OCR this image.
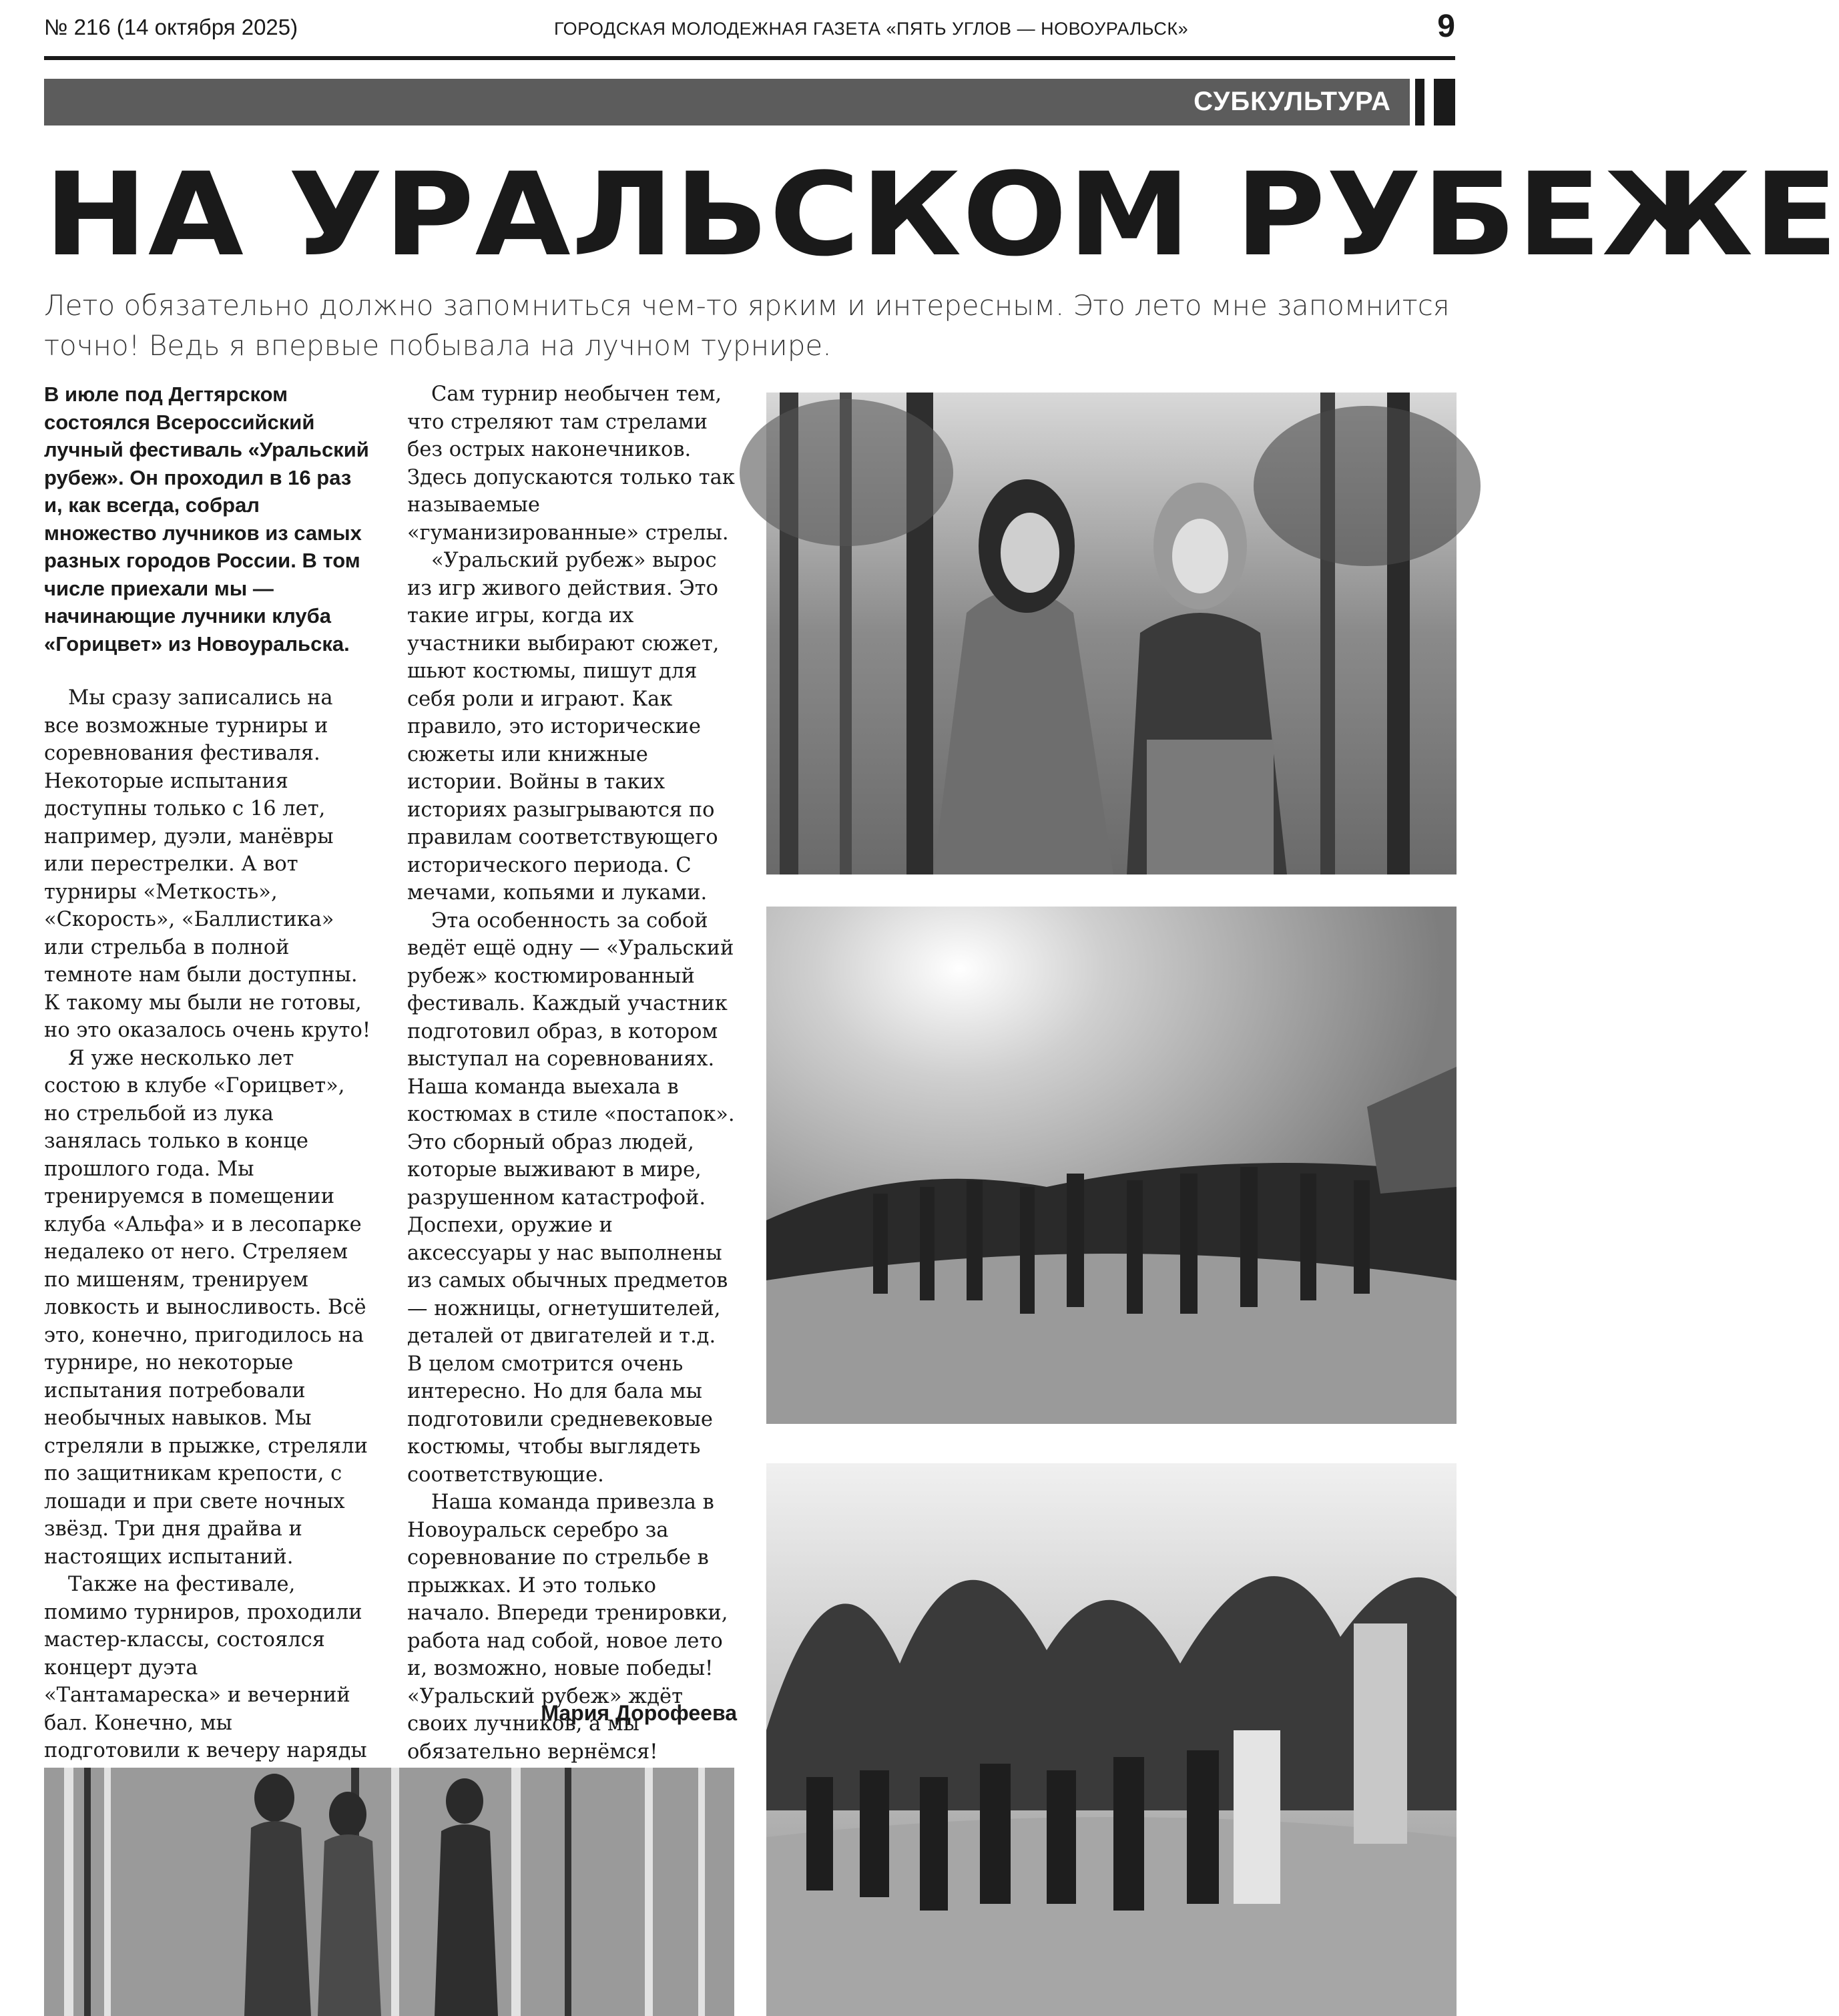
№ 216 (14 октября 2025)	ГОРОДСКАЯ МОЛОДЕЖНАЯ ГАЗЕТА «ПЯТЬ УГЛОВ — НОВОУРАЛЬСК»	9
СУБКУЛЬТУРА
НА УРАЛЬСКОМ РУБЕЖЕ
Лето обязательно должно запомниться чем-то ярким и интересным. Это лето мне запомнится точно! Ведь я впервые побывала на лучном турнире.

В июле под Дегтярском состоялся Всероссийский лучный фестиваль «Уральский рубеж». Он проходил в 16 раз и, как всегда, собрал множество лучников из самых разных городов России. В том числе приехали мы — начинающие лучники клуба «Горицвет» из Новоуральска.

Мы сразу записались на все возможные турниры и соревнования фестиваля. Некоторые испытания доступны только с 16 лет, например, дуэли, манёвры или перестрелки. А вот турниры «Меткость», «Скорость», «Баллистика» или стрельба в полной темноте нам были доступны. К такому мы были не готовы, но это оказалось очень круто!

Я уже несколько лет состою в клубе «Горицвет», но стрельбой из лука занялась только в конце прошлого года. Мы тренируемся в помещении клуба «Альфа» и в лесопарке недалеко от него. Стреляем по мишеням, тренируем ловкость и выносливость. Всё это, конечно, пригодилось на турнире, но некоторые испытания потребовали необычных навыков. Мы стреляли в прыжке, стреляли по защитникам крепости, с лошади и при свете ночных звёзд. Три дня драйва и настоящих испытаний.

Также на фестивале, помимо турниров, проходили мастер-классы, состоялся концерт дуэта «Тантамареска» и вечерний бал. Конечно, мы подготовили к вечеру наряды

Сам турнир необычен тем, что стреляют там стрелами без острых наконечников. Здесь допускаются только так называемые «гуманизированные» стрелы.

«Уральский рубеж» вырос из игр живого действия. Это такие игры, когда их участники выбирают сюжет, шьют костюмы, пишут для себя роли и играют. Как правило, это исторические сюжеты или книжные истории. Войны в таких историях разыгрываются по правилам соответствующего исторического периода. С мечами, копьями и луками.

Эта особенность за собой ведёт ещё одну — «Уральский рубеж» костюмированный фестиваль. Каждый участник подготовил образ, в котором выступал на соревнованиях. Наша команда выехала в костюмах в стиле «постапок». Это сборный образ людей, которые выживают в мире, разрушенном катастрофой. Доспехи, оружие и аксессуары у нас выполнены из самых обычных предметов — ножницы, огнетушителей, деталей от двигателей и т.д. В целом смотрится очень интересно. Но для бала мы подготовили средневековые костюмы, чтобы выглядеть соответствующие.

Наша команда привезла в Новоуральск серебро за соревнование по стрельбе в прыжках. И это только начало. Впереди тренировки, работа над собой, новое лето и, возможно, новые победы! «Уральский рубеж» ждёт своих лучников, а мы обязательно вернёмся!

Мария Дорофеева
